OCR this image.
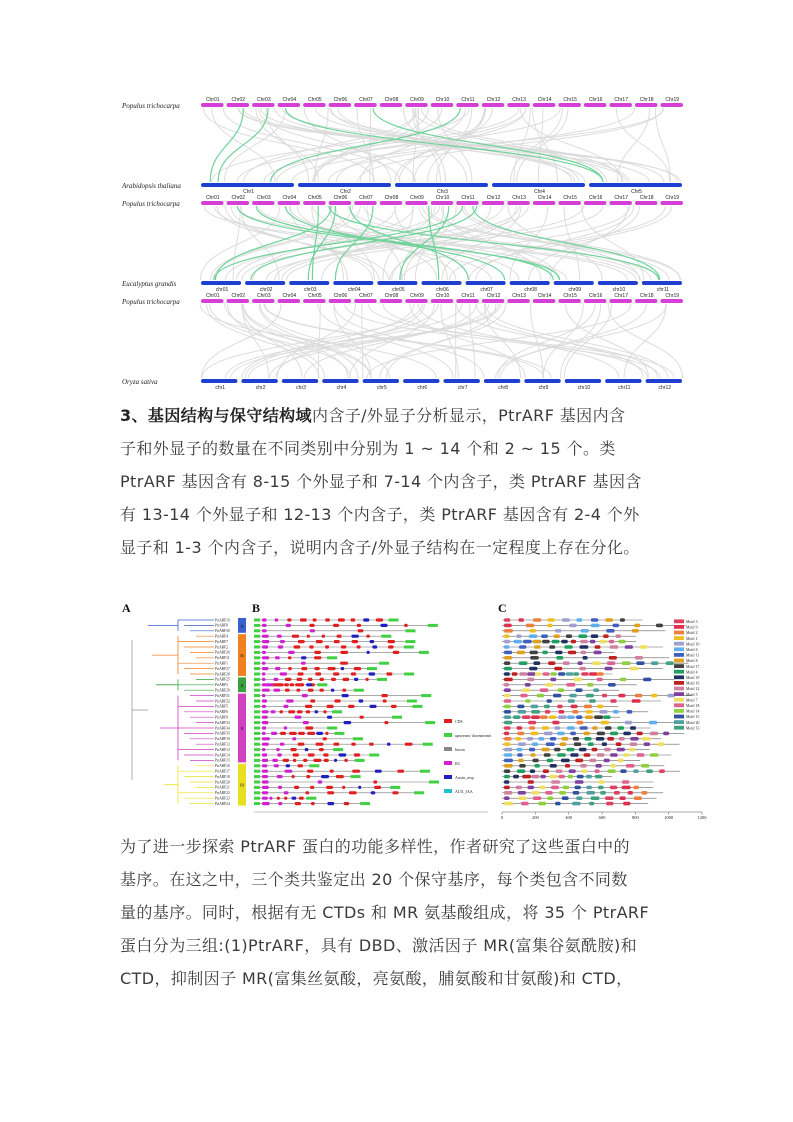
Populus trichocarpa
Arabidopsis thaliana
Chr01 Chr02 Chr03 Chr04 Chr05 Chr06 Chr07 Chr08 Chr09 Chr10 Chr11 Chr12 Chr13 Chr14 Chr15 Chr16 Chr17 Chr18 Chr19
Chr1	Chr2	Chr3	Chr4	Chr5
Populus trichocarpa
Eucalyptus grandis
Chr01 Chr02 Chr03 Chr04 Chr05 Chr06 Chr07 Chr08 Chr09 Chr10 Chr11 Chr12 Chr13 Chr14 Chr15 Chr16 Chr17 Chr18 Chr19
chr01	chr02	chr03	chr04	chr05	chr06	chr07	chr08	chr09	chr10	chr11
Populus trichocarpa
Oryza sativa
Chr01 Chr02 Chr03 Chr04 Chr05 Chr06 Chr07 Chr08 Chr09 Chr10 Chr11 Chr12 Chr13 Chr14 Chr15 Chr16 Chr17 Chr18 Chr19
chr1	chr2	chr3	chr4	chr5	chr6	chr7	chr8	chr9	chr10	chr11	chr12

3、基因结构与保守结构域内含子/外显子分析显示，PtrARF 基因内含

子和外显子的数量在不同类别中分别为 1 ~ 14 个和 2 ~ 15 个。类

PtrARF 基因含有 8-15 个外显子和 7-14 个内含子，类 PtrARF 基因含

有 13-14 个外显子和 12-13 个内含子，类 PtrARF 基因含有 2-4 个外

显子和 1-3 个内含子，说明内含子/外显子结构在一定程度上存在分化。

A	B	C
PtrARF19
PtrARF8
PtrARF30
PtrARF4
PtrARF7
PtrARF2
PtrARF26
PtrARF11
PtrARF1
PtrARF27
PtrARF28
PtrARF25
PtrARF3
PtrARF29
PtrARF31
PtrARF32
PtrARF5
PtrARF6
PtrARF9
PtrARF33
PtrARF34
PtrARF35
PtrARF10
PtrARF12
PtrARF13
PtrARF14
PtrARF15
PtrARF16
PtrARF17
PtrARF18
PtrARF20
PtrARF21
PtrARF22
PtrARF23
PtrARF24
Ia
Ib
II
II
III
CDS
upstream/ downstream
Intron
B3
Auxin_resp
AUX_IAA
0	200	400	600	800	1000	1200
Motif 3
Motif 9
Motif 2
Motif 1
Motif 10
Motif 6
Motif 11
Motif 8
Motif 17
Motif 4
Motif 19
Motif 16
Motif 12
Motif 5
Motif 7
Motif 18
Motif 14
Motif 15
Motif 20
Motif 13

为了进一步探索 PtrARF 蛋白的功能多样性，作者研究了这些蛋白中的

基序。在这之中，三个类共鉴定出 20 个保守基序，每个类包含不同数

量的基序。同时，根据有无 CTDs 和 MR 氨基酸组成，将 35 个 PtrARF

蛋白分为三组:(1)PtrARF，具有 DBD、激活因子 MR(富集谷氨酰胺)和

CTD，抑制因子 MR(富集丝氨酸，亮氨酸，脯氨酸和甘氨酸)和 CTD，
